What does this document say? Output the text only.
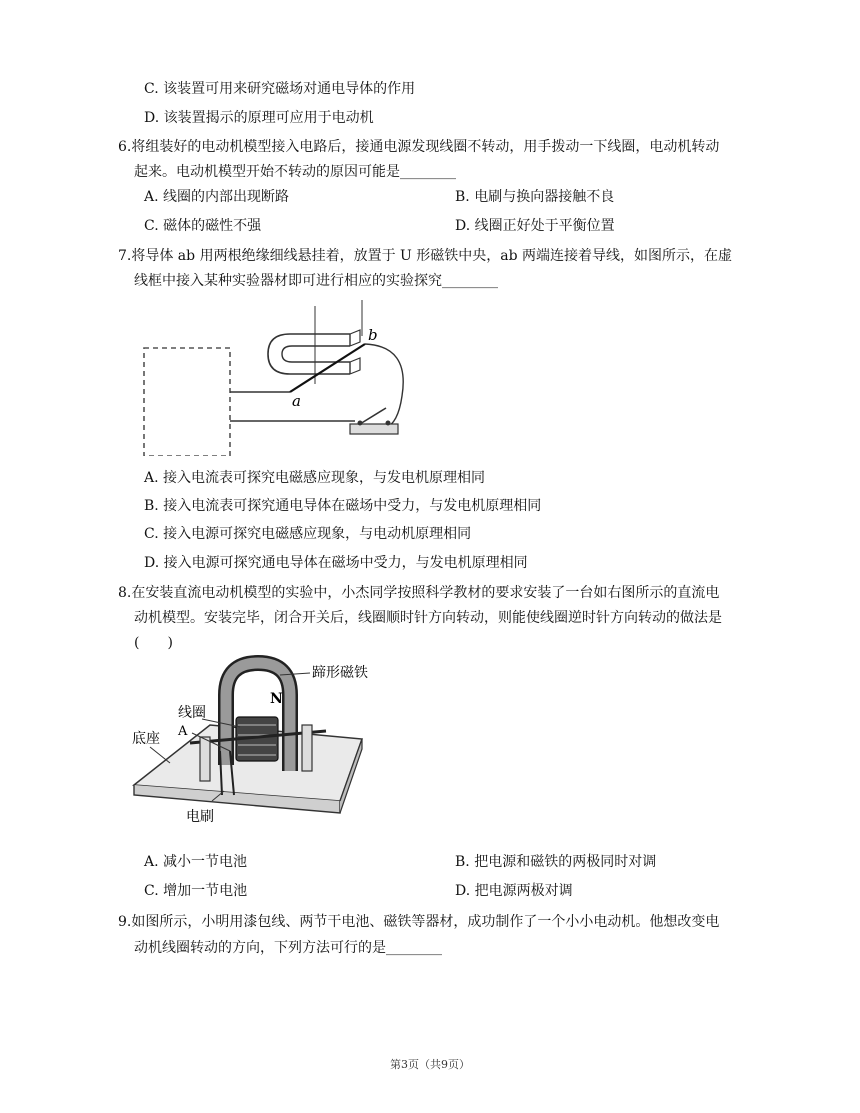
C. 该装置可用来研究磁场对通电导体的作用
D. 该装置揭示的原理可应用于电动机
6.将组装好的电动机模型接入电路后，接通电源发现线圈不转动，用手拨动一下线圈，电动机转动
起来。电动机模型开始不转动的原因可能是________
A. 线圈的内部出现断路	B. 电刷与换向器接触不良
C. 磁体的磁性不强	D. 线圈正好处于平衡位置
7.将导体 ab 用两根绝缘细线悬挂着，放置于 U 形磁铁中央，ab 两端连接着导线，如图所示，在虚
线框中接入某种实验器材即可进行相应的实验探究________
a
b
A. 接入电流表可探究电磁感应现象，与发电机原理相同
B. 接入电流表可探究通电导体在磁场中受力，与发电机原理相同
C. 接入电源可探究电磁感应现象，与电动机原理相同
D. 接入电源可探究通电导体在磁场中受力，与发电机原理相同
8.在安装直流电动机模型的实验中，小杰同学按照科学教材的要求安装了一台如右图所示的直流电
动机模型。安装完毕，闭合开关后，线圈顺时针方向转动，则能使线圈逆时针方向转动的做法是
(　　)
蹄形磁铁
N
线圈
A
底座
电刷
A. 减小一节电池	B. 把电源和磁铁的两极同时对调
C. 增加一节电池	D. 把电源两极对调
9.如图所示，小明用漆包线、两节干电池、磁铁等器材，成功制作了一个小小电动机。他想改变电
动机线圈转动的方向，下列方法可行的是________
第3页（共9页）
